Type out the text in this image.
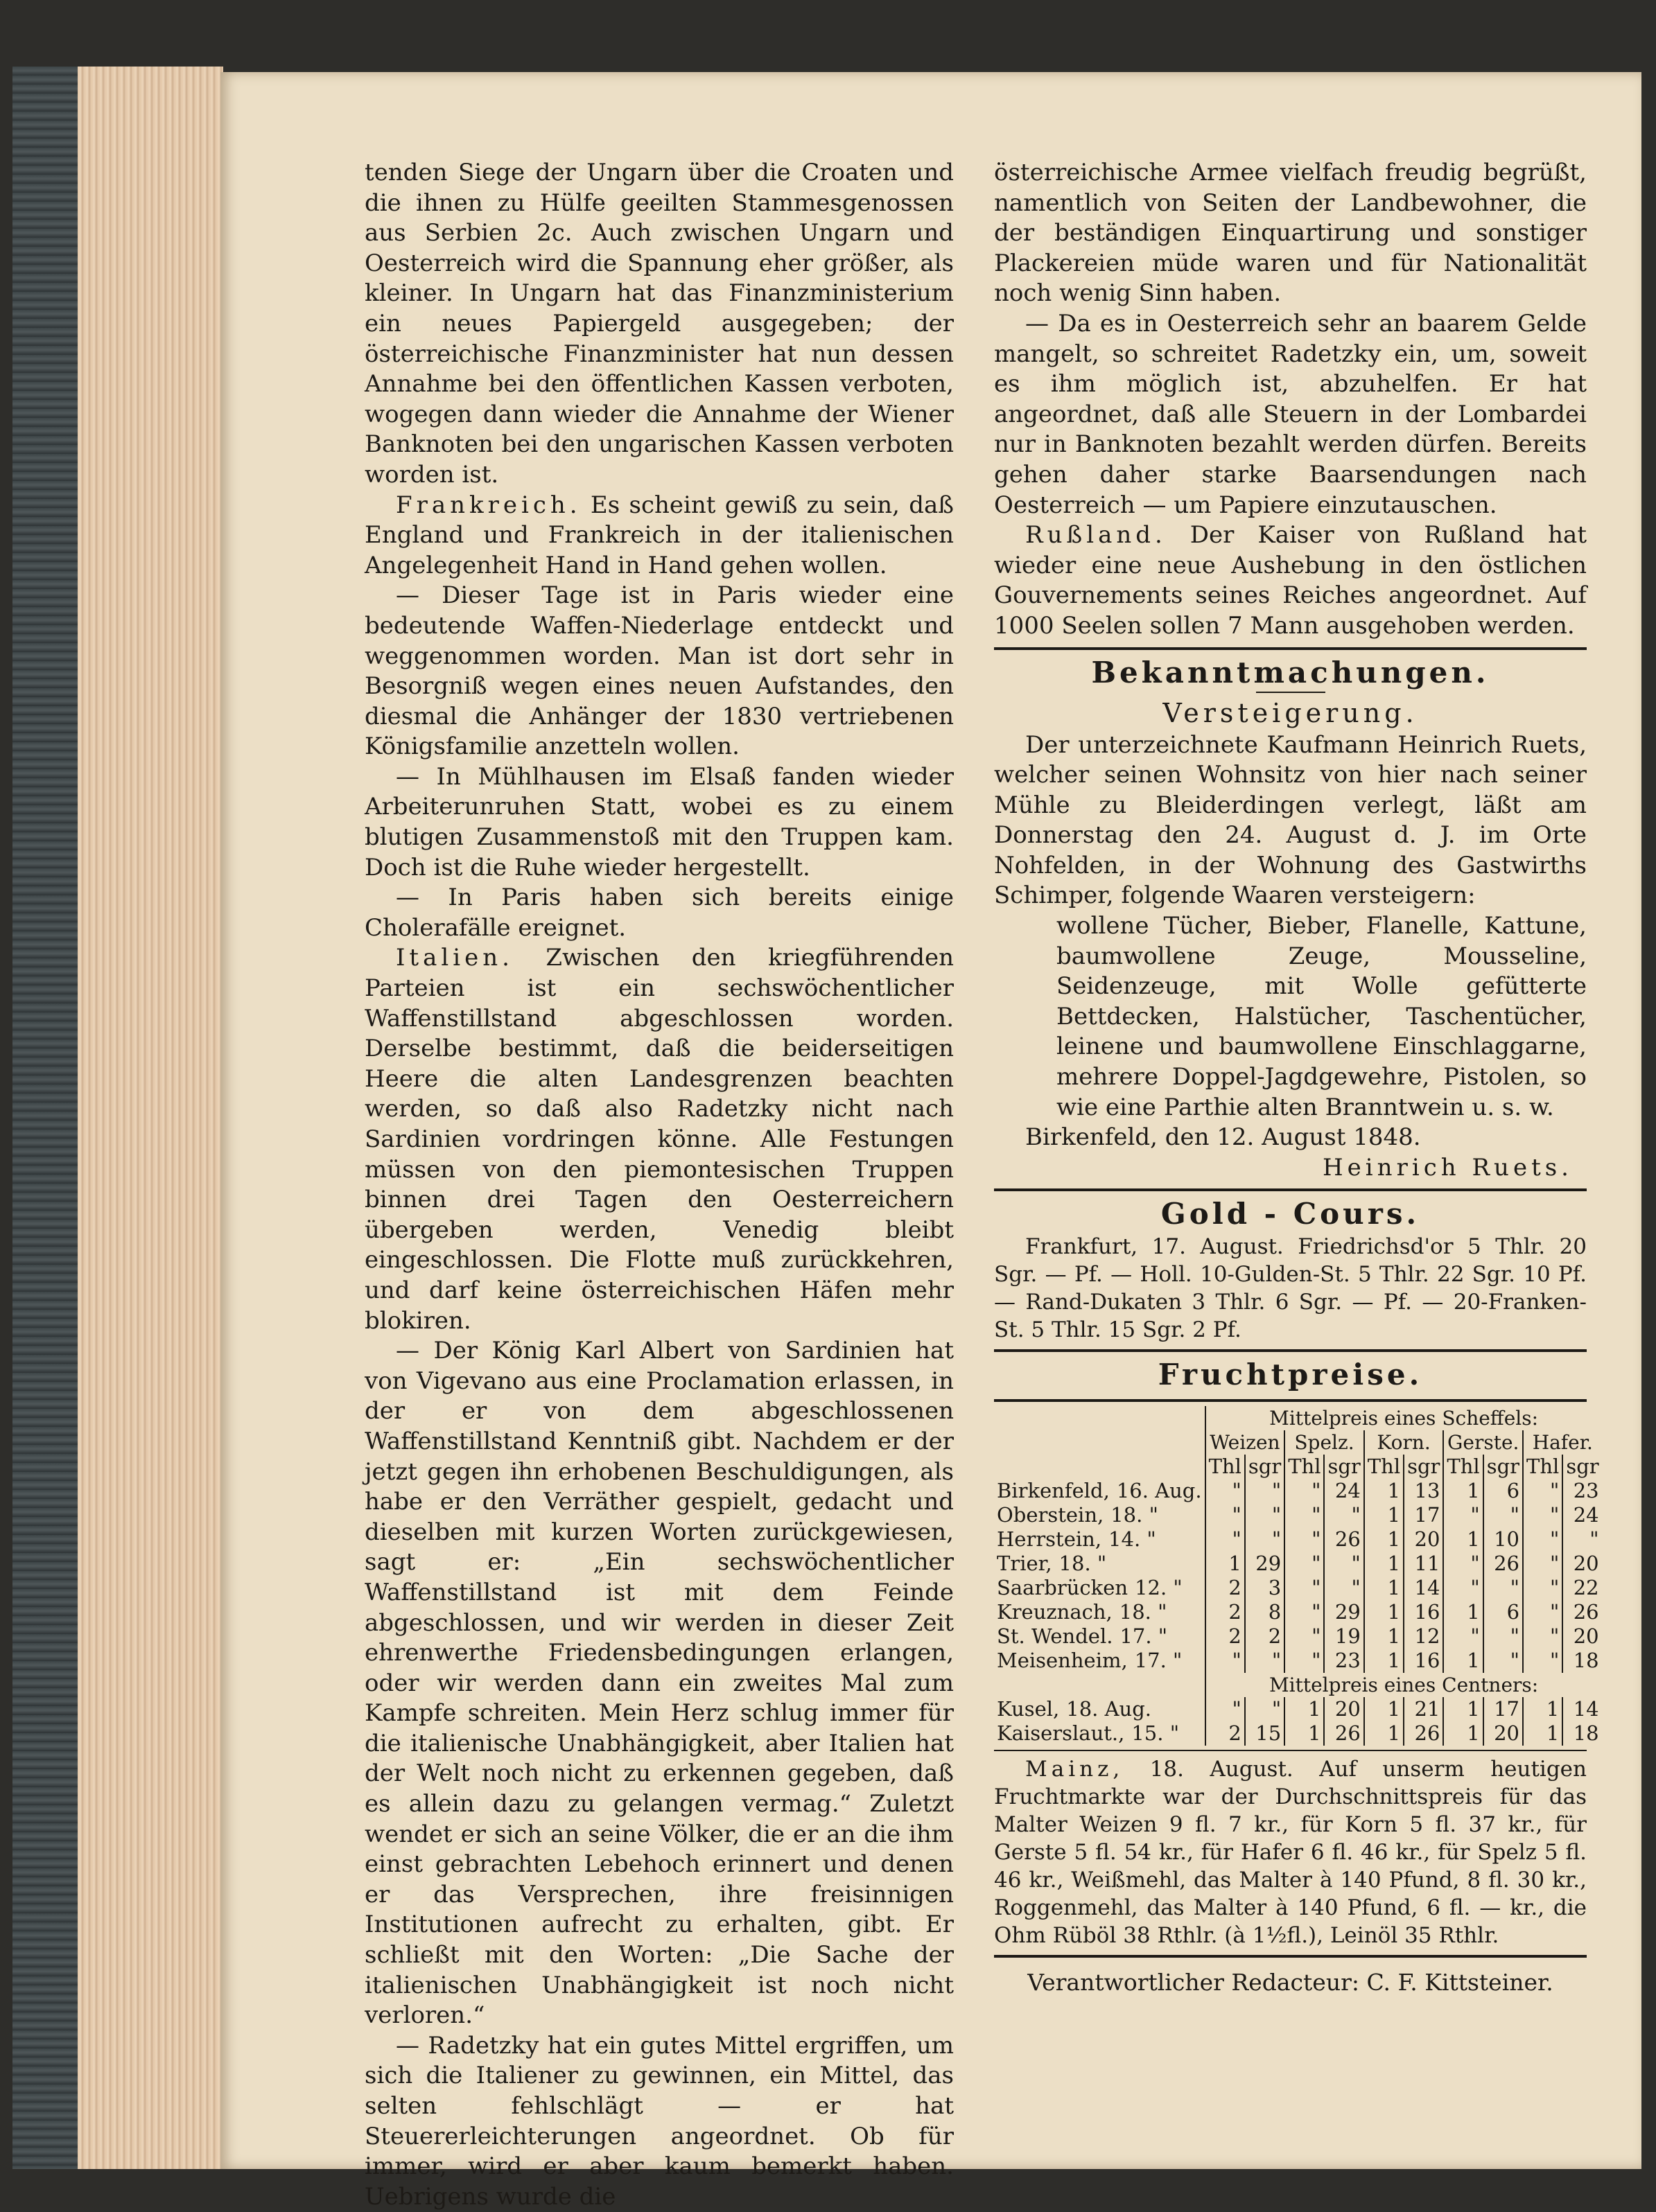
tenden Siege der Ungarn über die Croaten und die ihnen zu Hülfe geeilten Stammesgenossen aus Serbien 2c. Auch zwischen Ungarn und Oesterreich wird die Spannung eher größer, als kleiner. In Ungarn hat das Finanzministerium ein neues Papiergeld ausgegeben; der österreichische Finanzminister hat nun dessen Annahme bei den öffentlichen Kassen verboten, wogegen dann wieder die Annahme der Wiener Banknoten bei den ungarischen Kassen verboten worden ist.

Frankreich. Es scheint gewiß zu sein, daß England und Frankreich in der italienischen Angelegenheit Hand in Hand gehen wollen.

— Dieser Tage ist in Paris wieder eine bedeutende Waffen-Niederlage entdeckt und weggenommen worden. Man ist dort sehr in Besorgniß wegen eines neuen Aufstandes, den diesmal die Anhänger der 1830 vertriebenen Königsfamilie anzetteln wollen.

— In Mühlhausen im Elsaß fanden wieder Arbeiterunruhen Statt, wobei es zu einem blutigen Zusammenstoß mit den Truppen kam. Doch ist die Ruhe wieder hergestellt.

— In Paris haben sich bereits einige Cholerafälle ereignet.

Italien. Zwischen den kriegführenden Parteien ist ein sechswöchentlicher Waffenstillstand abgeschlossen worden. Derselbe bestimmt, daß die beiderseitigen Heere die alten Landesgrenzen beachten werden, so daß also Radetzky nicht nach Sardinien vordringen könne. Alle Festungen müssen von den piemontesischen Truppen binnen drei Tagen den Oesterreichern übergeben werden, Venedig bleibt eingeschlossen. Die Flotte muß zurückkehren, und darf keine österreichischen Häfen mehr blokiren.

— Der König Karl Albert von Sardinien hat von Vigevano aus eine Proclamation erlassen, in der er von dem abgeschlossenen Waffenstillstand Kenntniß gibt. Nachdem er der jetzt gegen ihn erhobenen Beschuldigungen, als habe er den Verräther gespielt, gedacht und dieselben mit kurzen Worten zurückgewiesen, sagt er: „Ein sechswöchentlicher Waffenstillstand ist mit dem Feinde abgeschlossen, und wir werden in dieser Zeit ehrenwerthe Friedensbedingungen erlangen, oder wir werden dann ein zweites Mal zum Kampfe schreiten. Mein Herz schlug immer für die italienische Unabhängigkeit, aber Italien hat der Welt noch nicht zu erkennen gegeben, daß es allein dazu zu gelangen vermag.“ Zuletzt wendet er sich an seine Völker, die er an die ihm einst gebrachten Lebehoch erinnert und denen er das Versprechen, ihre freisinnigen Institutionen aufrecht zu erhalten, gibt. Er schließt mit den Worten: „Die Sache der italienischen Unabhängigkeit ist noch nicht verloren.“

— Radetzky hat ein gutes Mittel ergriffen, um sich die Italiener zu gewinnen, ein Mittel, das selten fehlschlägt — er hat Steuererleichterungen angeordnet. Ob für immer, wird er aber kaum bemerkt haben. Uebrigens wurde die

österreichische Armee vielfach freudig begrüßt, namentlich von Seiten der Landbewohner, die der beständigen Einquartirung und sonstiger Plackereien müde waren und für Nationalität noch wenig Sinn haben.

— Da es in Oesterreich sehr an baarem Gelde mangelt, so schreitet Radetzky ein, um, soweit es ihm möglich ist, abzuhelfen. Er hat angeordnet, daß alle Steuern in der Lombardei nur in Banknoten bezahlt werden dürfen. Bereits gehen daher starke Baarsendungen nach Oesterreich — um Papiere einzutauschen.

Rußland. Der Kaiser von Rußland hat wieder eine neue Aushebung in den östlichen Gouvernements seines Reiches angeordnet. Auf 1000 Seelen sollen 7 Mann ausgehoben werden.

Bekanntmachungen.
Versteigerung.

Der unterzeichnete Kaufmann Heinrich Ruets, welcher seinen Wohnsitz von hier nach seiner Mühle zu Bleiderdingen verlegt, läßt am Donnerstag den 24. August d. J. im Orte Nohfelden, in der Wohnung des Gastwirths Schimper, folgende Waaren versteigern:

wollene Tücher, Bieber, Flanelle, Kattune, baumwollene Zeuge, Mousseline, Seidenzeuge, mit Wolle gefütterte Bettdecken, Halstücher, Taschentücher, leinene und baumwollene Einschlaggarne, mehrere Doppel-Jagdgewehre, Pistolen, so wie eine Parthie alten Branntwein u. s. w.

Birkenfeld, den 12. August 1848.

Heinrich Ruets.
Gold - Cours.

Frankfurt, 17. August. Friedrichsd'or 5 Thlr. 20 Sgr. — Pf. — Holl. 10-Gulden-St. 5 Thlr. 22 Sgr. 10 Pf. — Rand-Dukaten 3 Thlr. 6 Sgr. — Pf. — 20-Franken-St. 5 Thlr. 15 Sgr. 2 Pf.

Fruchtpreise.
	Mittelpreis eines Scheffels:									
	Weizen		Spelz.		Korn.		Gerste.		Hafer.	
	Thl	sgr	Thl	sgr	Thl	sgr	Thl	sgr	Thl	sgr
Birkenfeld, 16. Aug.	"	"	"	24	1	13	1	6	"	23
Oberstein, 18. "	"	"	"	"	1	17	"	"	"	24
Herrstein, 14. "	"	"	"	26	1	20	1	10	"	"
Trier, 18. "	1	29	"	"	1	11	"	26	"	20
Saarbrücken 12. "	2	3	"	"	1	14	"	"	"	22
Kreuznach, 18. "	2	8	"	29	1	16	1	6	"	26
St. Wendel. 17. "	2	2	"	19	1	12	"	"	"	20
Meisenheim, 17. "	"	"	"	23	1	16	1	"	"	18
	Mittelpreis eines Centners:									
Kusel, 18. Aug.	"	"	1	20	1	21	1	17	1	14
Kaiserslaut., 15. "	2	15	1	26	1	26	1	20	1	18

Mainz, 18. August. Auf unserm heutigen Fruchtmarkte war der Durchschnittspreis für das Malter Weizen 9 fl. 7 kr., für Korn 5 fl. 37 kr., für Gerste 5 fl. 54 kr., für Hafer 6 fl. 46 kr., für Spelz 5 fl. 46 kr., Weißmehl, das Malter à 140 Pfund, 8 fl. 30 kr., Roggenmehl, das Malter à 140 Pfund, 6 fl. — kr., die Ohm Rüböl 38 Rthlr. (à 1½fl.), Leinöl 35 Rthlr.

Verantwortlicher Redacteur: C. F. Kittsteiner.
